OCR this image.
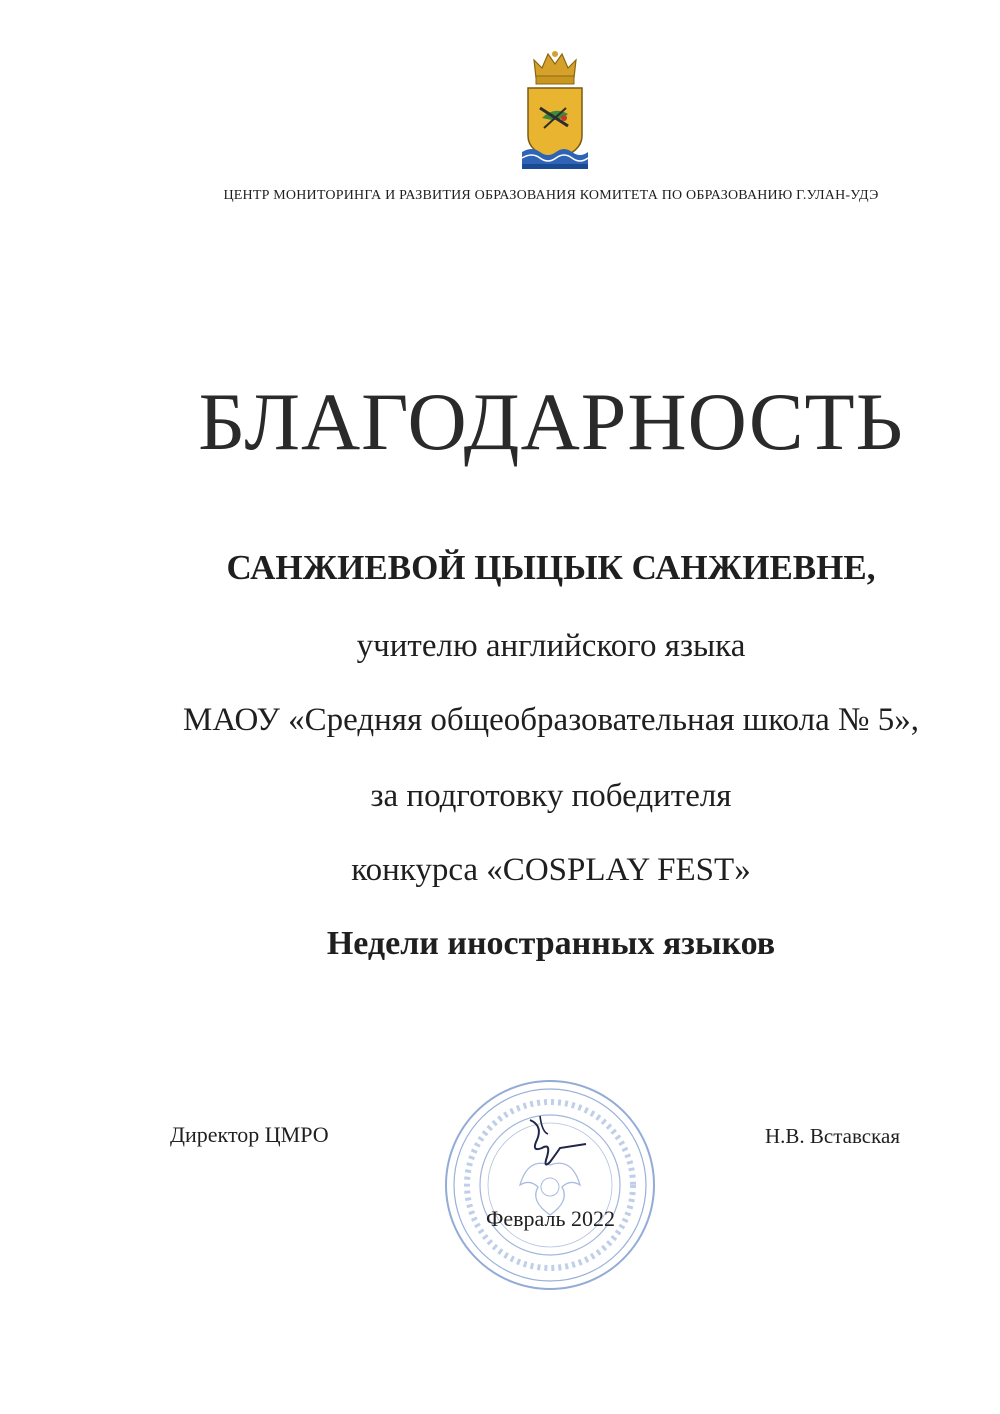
ЦЕНТР МОНИТОРИНГА И РАЗВИТИЯ ОБРАЗОВАНИЯ КОМИТЕТА ПО ОБРАЗОВАНИЮ Г.УЛАН-УДЭ
БЛАГОДАРНОСТЬ
САНЖИЕВОЙ ЦЫЦЫК САНЖИЕВНЕ,
учителю английского языка
МАОУ «Средняя общеобразовательная школа № 5»,
за подготовку победителя
конкурса «COSPLAY FEST»
Недели иностранных языков
Директор ЦМРО
Февраль 2022
Н.В. Вставская
